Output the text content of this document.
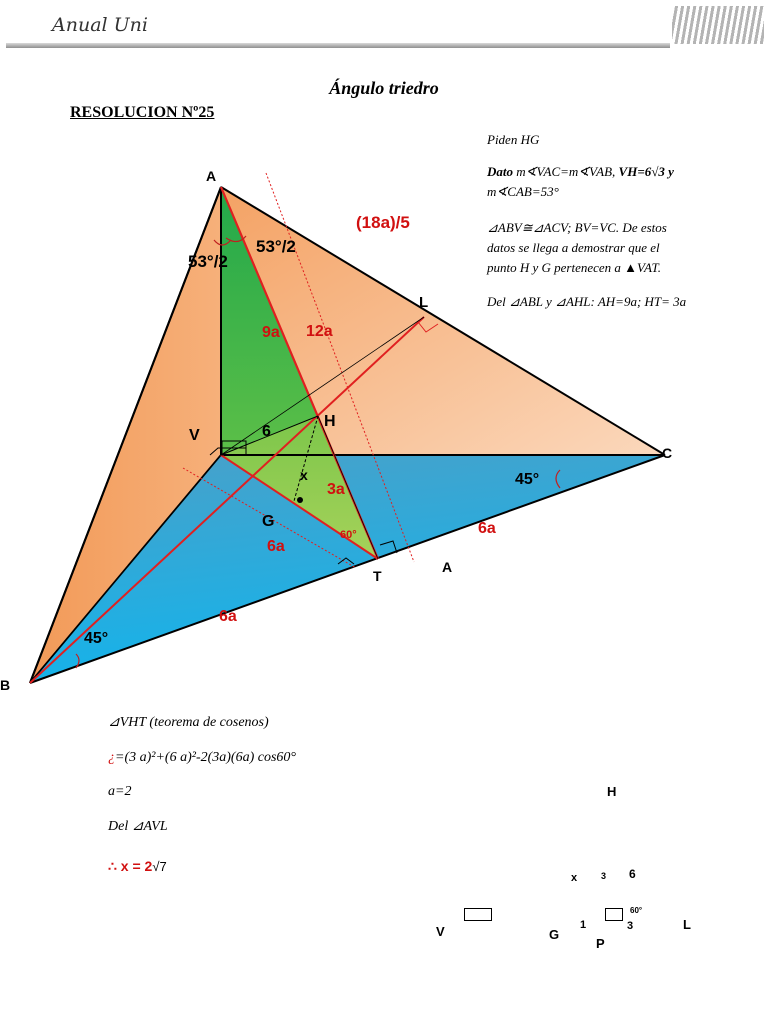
Anual Uni
Ángulo triedro
RESOLUCION Nº25
Piden HG
Dato m∢VAC=m∢VAB, VH=6√3 y
m∢CAB=53°
⊿ABV≅⊿ACV; BV=VC. De estos
datos se llega a demostrar que el
punto H y G pertenecen a ▲VAT.
Del ⊿ABL y ⊿AHL: AH=9a; HT= 3a
A
B
C
V
H
G
T
L
A
53°/2
53°/2
(18a)/5
9a 12a
6
x
3a
60°
6a
6a
6a
45°
45°
⊿VHT (teorema de cosenos)
¿=(3 a)²+(6 a)²-2(3a)(6a) cos60°
a=2
Del ⊿AVL
∴ x = 2√7
H
x	3 6
60°
V	G
1	3	L
P
